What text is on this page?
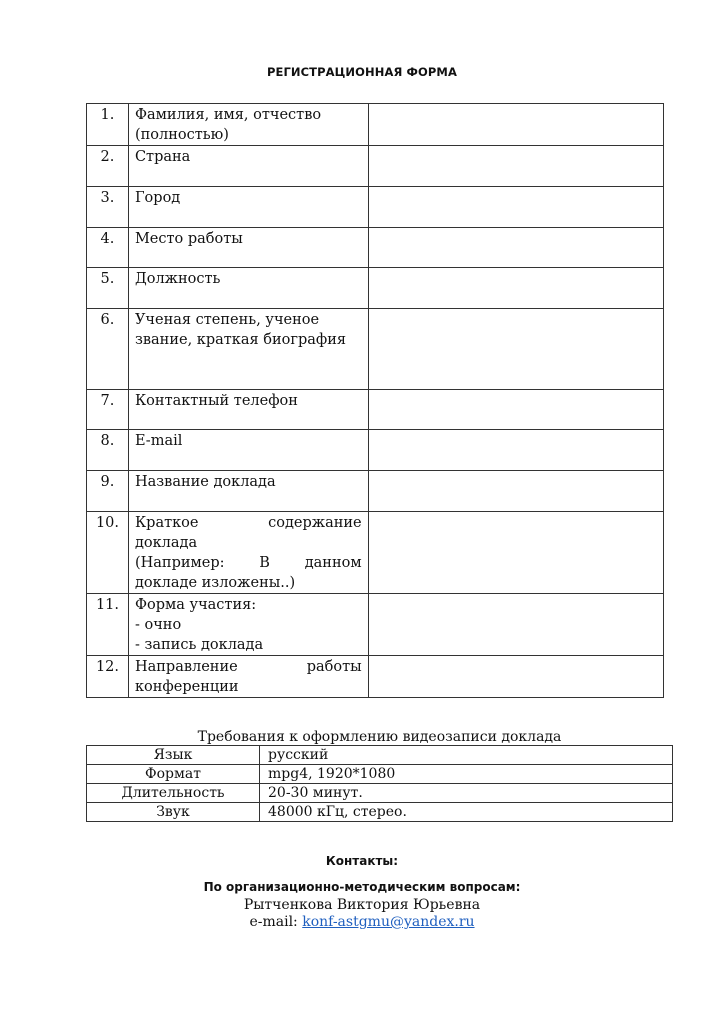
РЕГИСТРАЦИОННАЯ ФОРМА
1.	Фамилия, имя, отчество
(полностью)	

2.	Страна	
3.	Город	
4.	Место работы	
5.	Должность	
6.	Ученая степень, ученое звание, краткая биография	
7.	Контактный телефон	
8.	E-mail	
9.	Название доклада	
10.	Краткое содержание доклада
(Например: В данном докладе изложены..)	

11.	Форма участия:
- очно
- запись доклада	

12.	Направление работы конференции	
Требования к оформлению видеозаписи доклада
Язык	русский
Формат	mpg4, 1920*1080
Длительность	20-30 минут.
Звук	48000 кГц, стерео.
Контакты:
По организационно-методическим вопросам:
Рытченкова Виктория Юрьевна
e-mail: konf-astgmu@yandex.ru
